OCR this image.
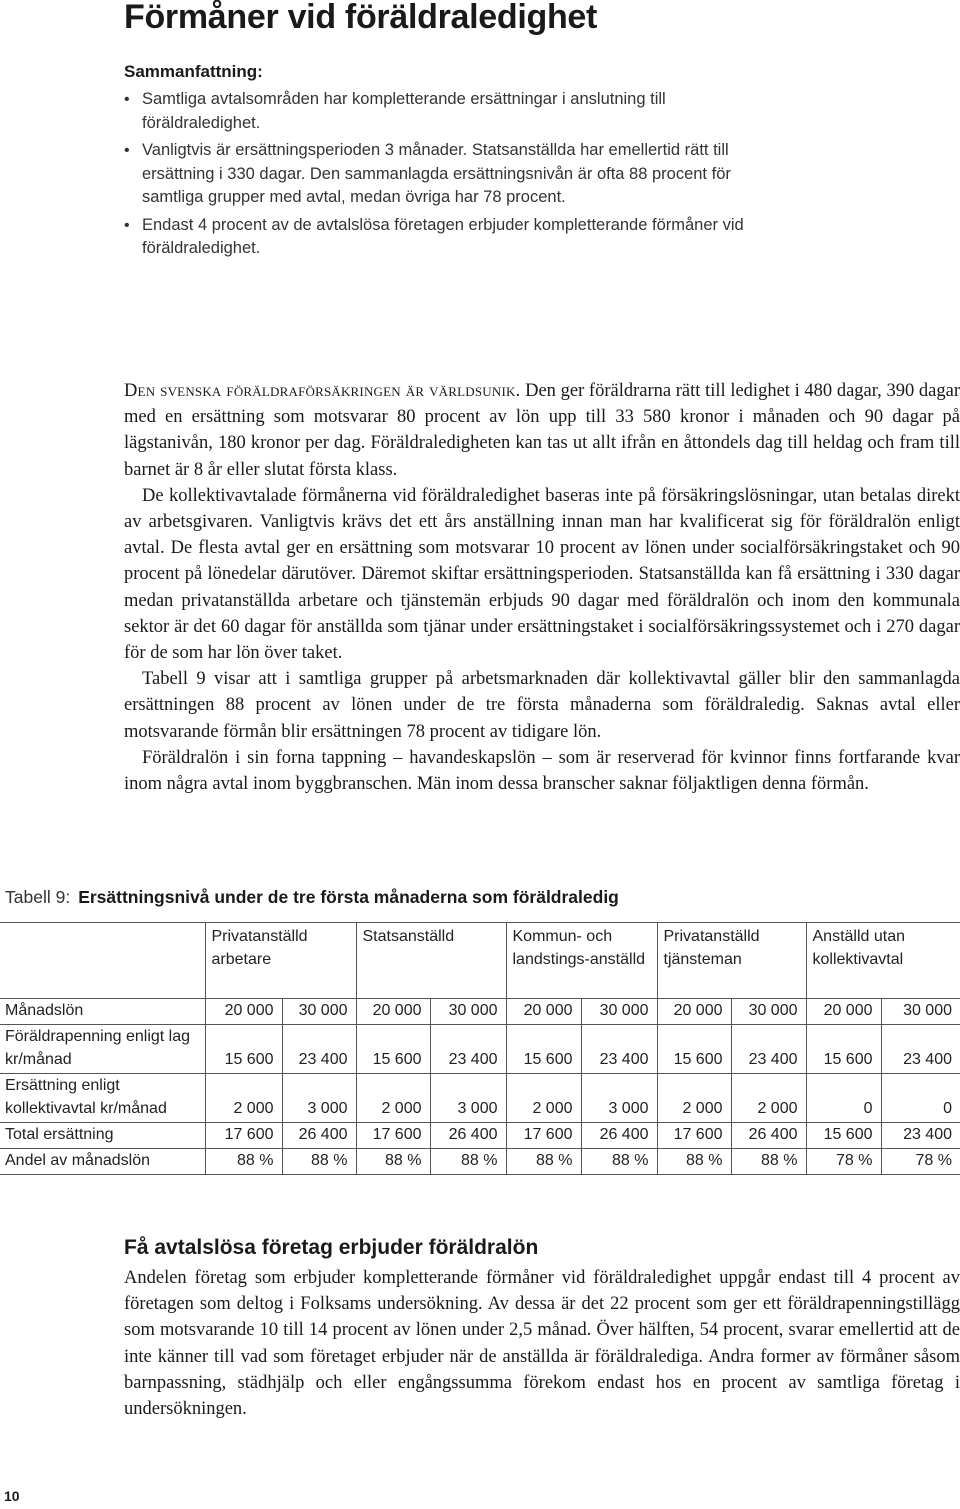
Förmåner vid föräldraledighet
Sammanfattning:
• Samtliga avtalsområden har kompletterande ersättningar i anslutning till föräldraledighet.
• Vanligtvis är ersättningsperioden 3 månader. Statsanställda har emellertid rätt till ersättning i 330 dagar. Den sammanlagda ersättningsnivån är ofta 88 procent för samtliga grupper med avtal, medan övriga har 78 procent.
• Endast 4 procent av de avtalslösa företagen erbjuder kompletterande förmåner vid föräldraledighet.

Den svenska föräldraförsäkringen är världsunik. Den ger föräldrarna rätt till ledighet i 480 dagar, 390 dagar med en ersättning som motsvarar 80 procent av lön upp till 33 580 kronor i månaden och 90 dagar på lägstanivån, 180 kronor per dag. Föräldraledigheten kan tas ut allt ifrån en åttondels dag till heldag och fram till barnet är 8 år eller slutat första klass.

De kollektivavtalade förmånerna vid föräldraledighet baseras inte på försäkringslösningar, utan betalas direkt av arbetsgivaren. Vanligtvis krävs det ett års anställning innan man har kvalificerat sig för föräldralön enligt avtal. De flesta avtal ger en ersättning som motsvarar 10 procent av lönen under socialförsäkringstaket och 90 procent på lönedelar därutöver. Däremot skiftar ersättningsperioden. Statsanställda kan få ersättning i 330 dagar medan privatanställda arbetare och tjänstemän erbjuds 90 dagar med föräldralön och inom den kommunala sektor är det 60 dagar för anställda som tjänar under ersättningstaket i socialförsäkringssystemet och i 270 dagar för de som har lön över taket.

Tabell 9 visar att i samtliga grupper på arbetsmarknaden där kollektivavtal gäller blir den sammanlagda ersättningen 88 procent av lönen under de tre första månaderna som föräldraledig. Saknas avtal eller motsvarande förmån blir ersättningen 78 procent av tidigare lön.

Föräldralön i sin forna tappning – havandeskapslön – som är reserverad för kvinnor finns fortfarande kvar inom några avtal inom byggbranschen. Män inom dessa branscher saknar följaktligen denna förmån.

Tabell 9: Ersättningsnivå under de tre första månaderna som föräldraledig
	Privatanställd arbetare		Statsanställd		Kommun- och landstings-anställd		Privatanställd tjänsteman		Anställd utan kollektivavtal	
Månadslön	20 000	30 000	20 000	30 000	20 000	30 000	20 000	30 000	20 000	30 000
Föräldrapenning enligt lag kr/månad	15 600	23 400	15 600	23 400	15 600	23 400	15 600	23 400	15 600	23 400
Ersättning enligt kollektivavtal kr/månad	2 000	3 000	2 000	3 000	2 000	3 000	2 000	2 000	0	0
Total ersättning	17 600	26 400	17 600	26 400	17 600	26 400	17 600	26 400	15 600	23 400
Andel av månadslön	88 %	88 %	88 %	88 %	88 %	88 %	88 %	88 %	78 %	78 %
Få avtalslösa företag erbjuder föräldralön

Andelen företag som erbjuder kompletterande förmåner vid föräldraledighet uppgår endast till 4 procent av företagen som deltog i Folksams undersökning. Av dessa är det 22 procent som ger ett föräldrapenningstillägg som motsvarande 10 till 14 procent av lönen under 2,5 månad. Över hälften, 54 procent, svarar emellertid att de inte känner till vad som företaget erbjuder när de anställda är föräldralediga. Andra former av förmåner såsom barnpassning, städhjälp och eller engångssumma förekom endast hos en procent av samtliga företag i undersökningen.

10
